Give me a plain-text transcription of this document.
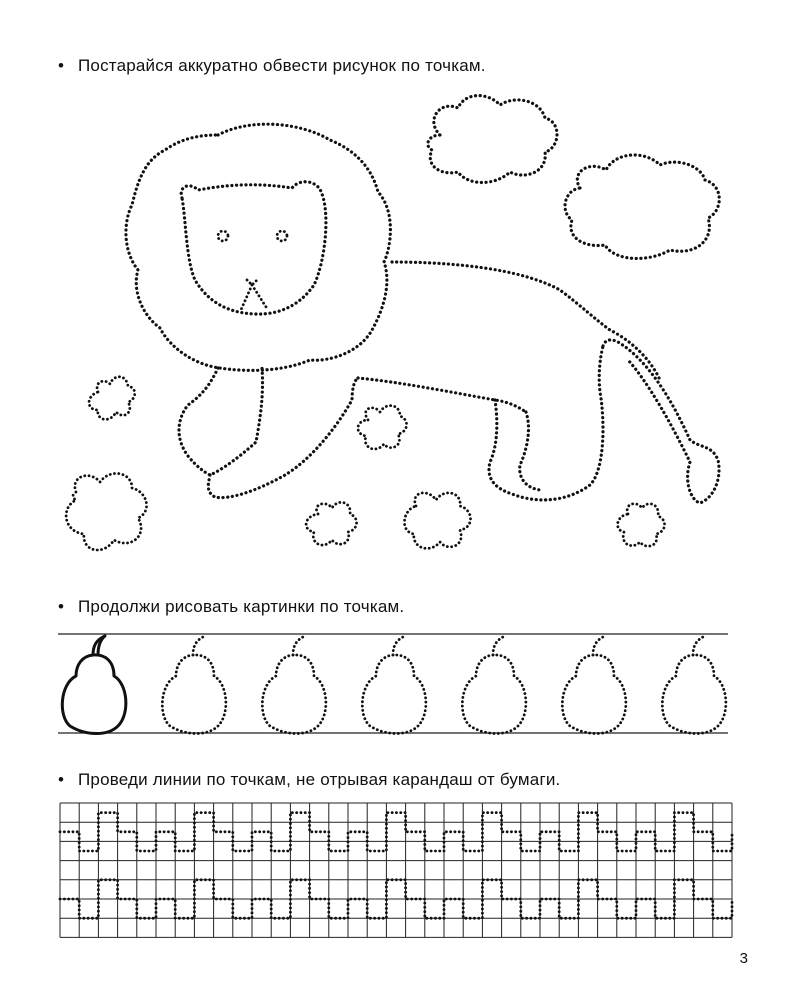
• Постарайся аккуратно обвести рисунок по точкам.
• Продолжи рисовать картинки по точкам.
• Проведи линии по точкам, не отрывая карандаш от бумаги.
3
